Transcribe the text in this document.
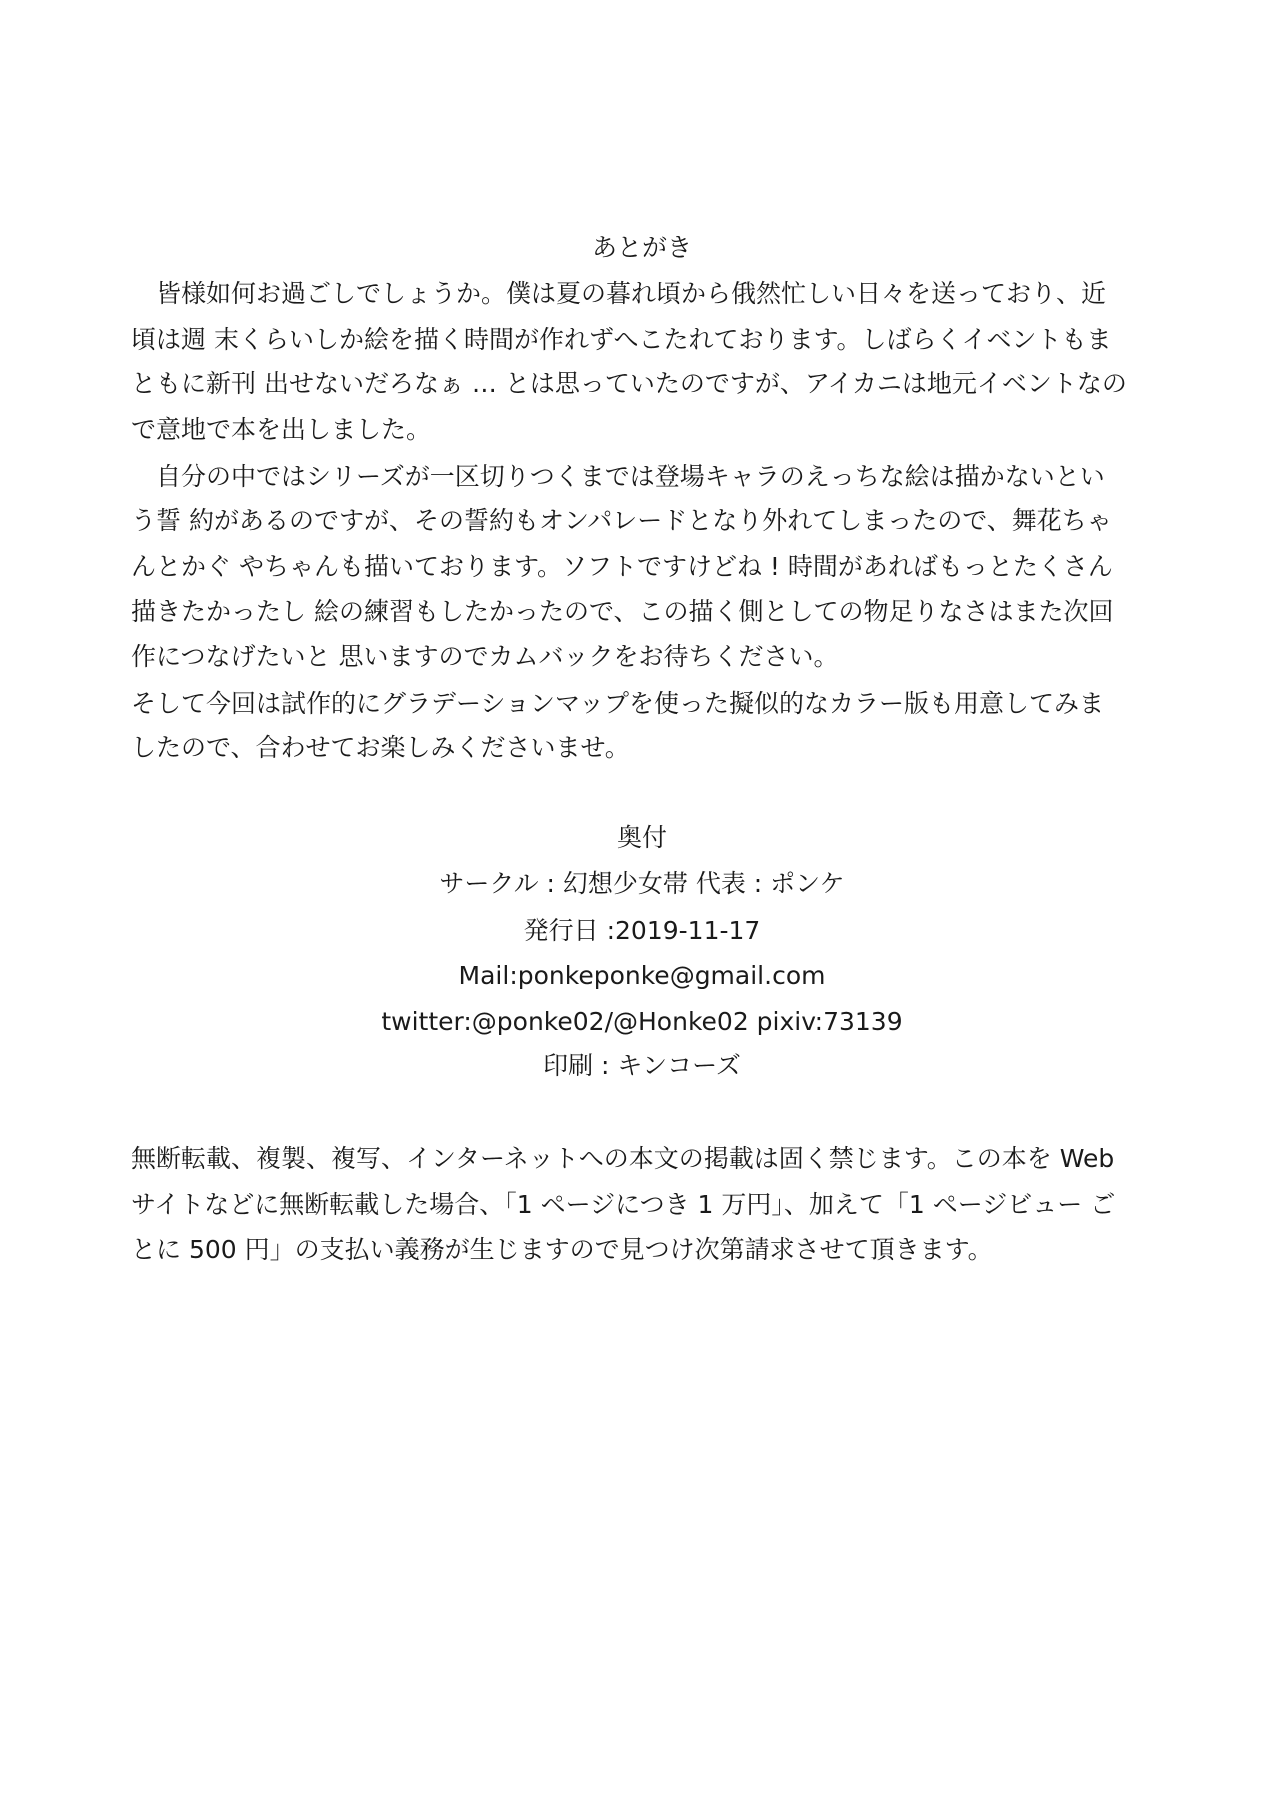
あとがき
　皆様如何お過ごしでしょうか。僕は夏の暮れ頃から俄然忙しい日々を送っており、近
頃は週 末くらいしか絵を描く時間が作れずへこたれております。しばらくイベントもま
ともに新刊 出せないだろなぁ … とは思っていたのですが、アイカニは地元イベントなの
で意地で本を出しました。
　自分の中ではシリーズが一区切りつくまでは登場キャラのえっちな絵は描かないとい
う誓 約があるのですが、その誓約もオンパレードとなり外れてしまったので、舞花ちゃ
んとかぐ やちゃんも描いております。ソフトですけどね ! 時間があればもっとたくさん
描きたかったし 絵の練習もしたかったので、この描く側としての物足りなさはまた次回
作につなげたいと 思いますのでカムバックをお待ちください。
そして今回は試作的にグラデーションマップを使った擬似的なカラー版も用意してみま
したので、合わせてお楽しみくださいませ。
奥付
サークル : 幻想少女帯 代表 : ポンケ
発行日 :2019-11-17
Mail:ponkeponke@gmail.com
twitter:@ponke02/@Honke02 pixiv:73139
印刷 : キンコーズ
無断転載、複製、複写、インターネットへの本文の掲載は固く禁じます。この本を Web
サイトなどに無断転載した場合、「1 ページにつき 1 万円」、加えて「1 ページビュー ご
とに 500 円」の支払い義務が生じますので見つけ次第請求させて頂きます。
